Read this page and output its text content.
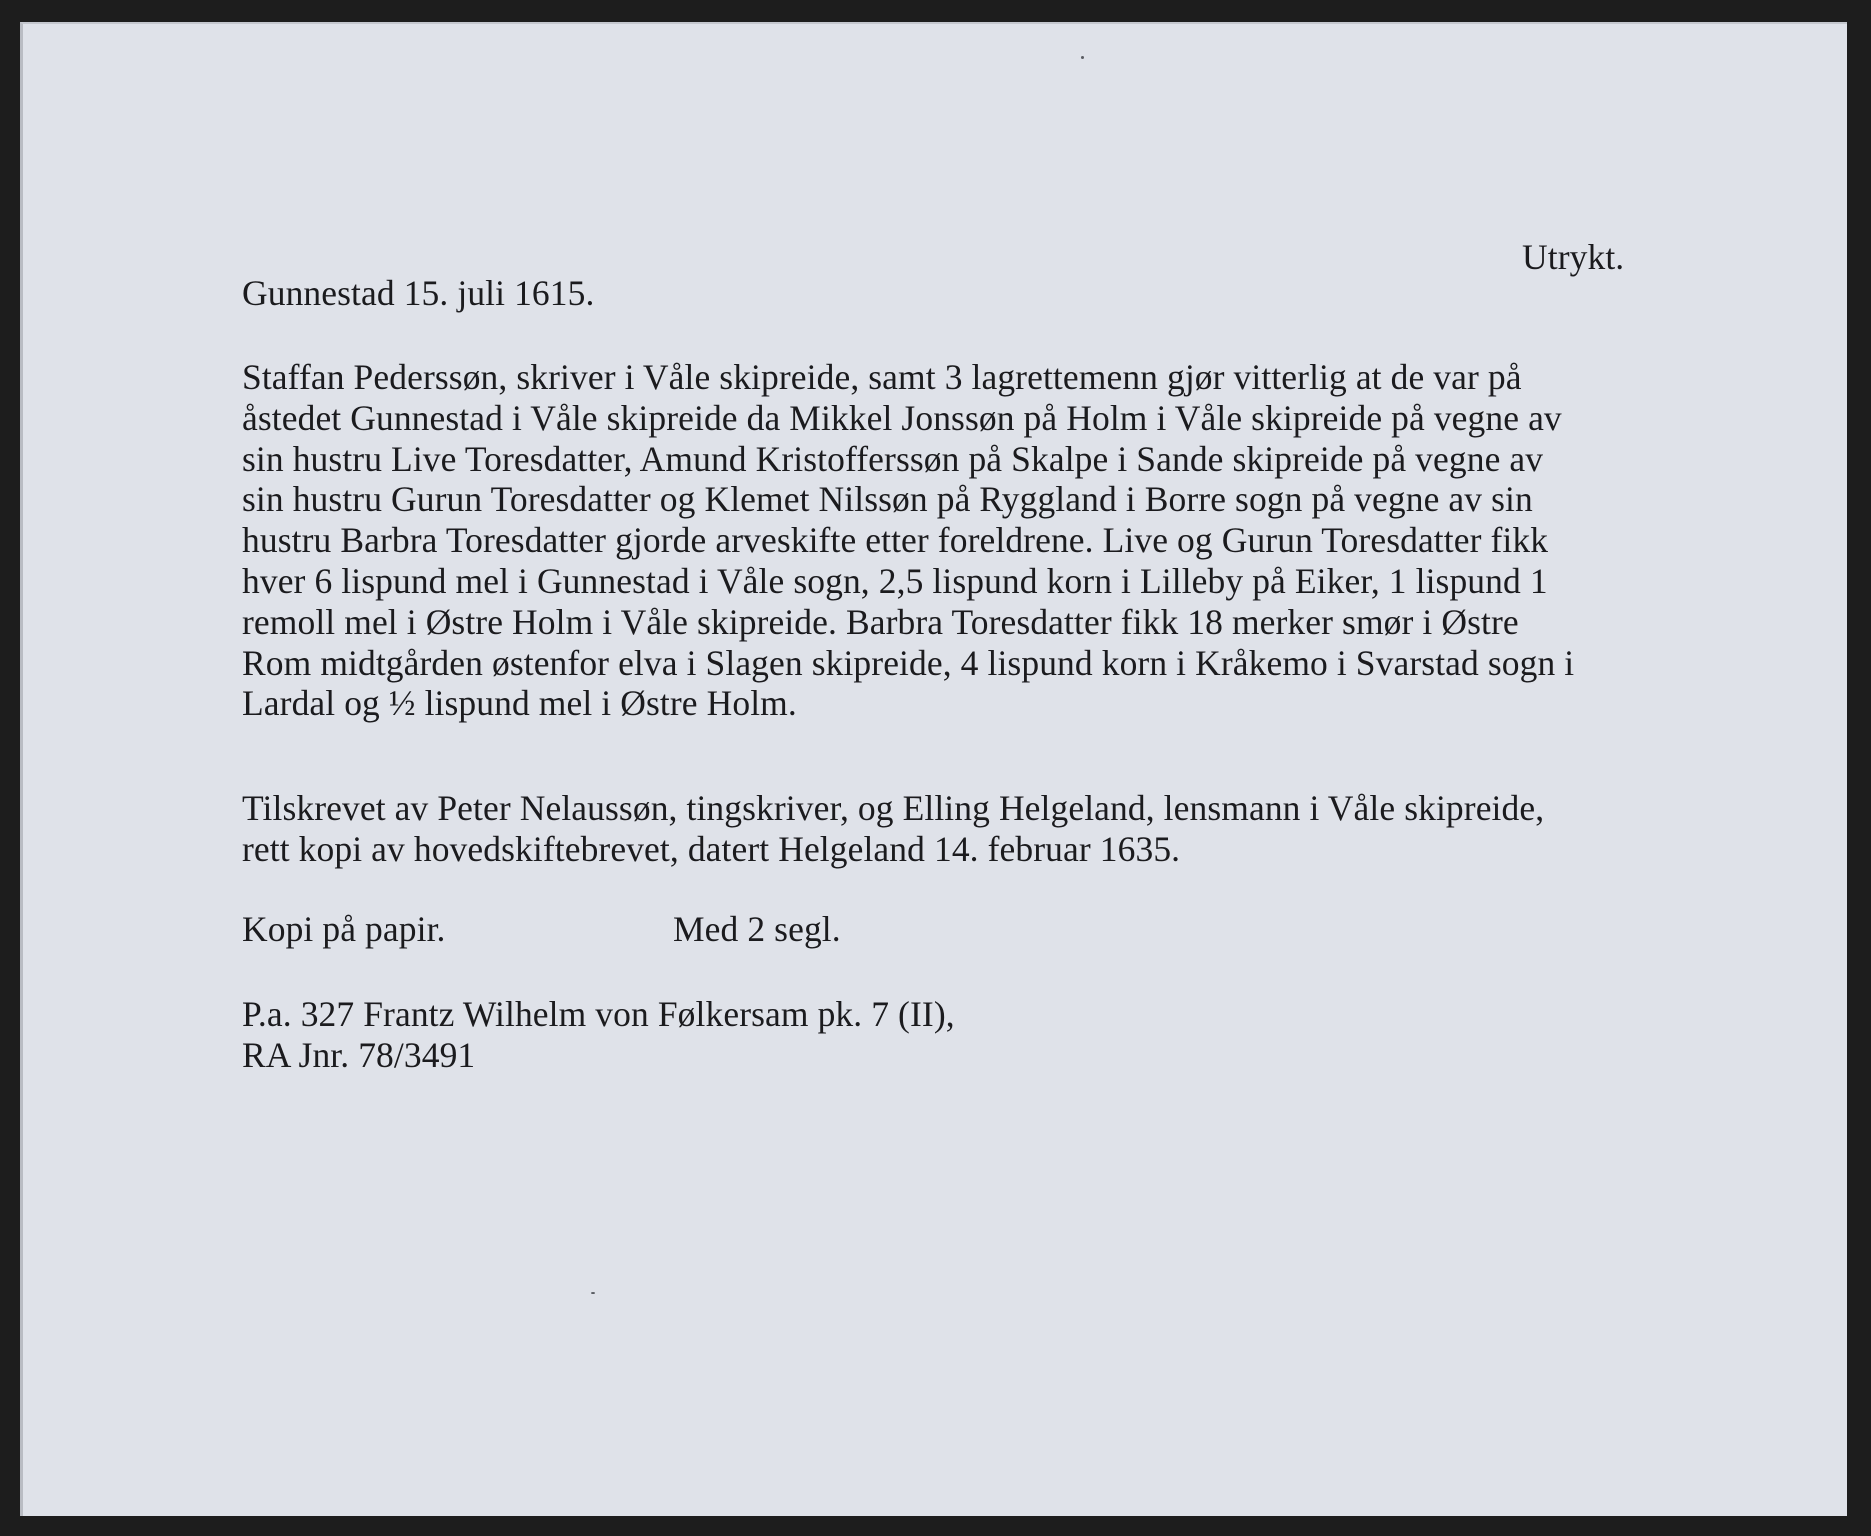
Utrykt.

Gunnestad 15. juli 1615.

Staffan Pederssøn, skriver i Våle skipreide, samt 3 lagrettemenn gjør vitterlig at de var på
åstedet Gunnestad i Våle skipreide da Mikkel Jonssøn på Holm i Våle skipreide på vegne av
sin hustru Live Toresdatter, Amund Kristofferssøn på Skalpe i Sande skipreide på vegne av
sin hustru Gurun Toresdatter og Klemet Nilssøn på Ryggland i Borre sogn på vegne av sin
hustru Barbra Toresdatter gjorde arveskifte etter foreldrene. Live og Gurun Toresdatter fikk
hver 6 lispund mel i Gunnestad i Våle sogn, 2,5 lispund korn i Lilleby på Eiker, 1 lispund 1
remoll mel i Østre Holm i Våle skipreide. Barbra Toresdatter fikk 18 merker smør i Østre
Rom midtgården østenfor elva i Slagen skipreide, 4 lispund korn i Kråkemo i Svarstad sogn i
Lardal og ½ lispund mel i Østre Holm.

Tilskrevet av Peter Nelaussøn, tingskriver, og Elling Helgeland, lensmann i Våle skipreide,
rett kopi av hovedskiftebrevet, datert Helgeland 14. februar 1635.

Kopi på papir.	Med 2 segl.

P.a. 327 Frantz Wilhelm von Følkersam pk. 7 (II),
RA Jnr. 78/3491
